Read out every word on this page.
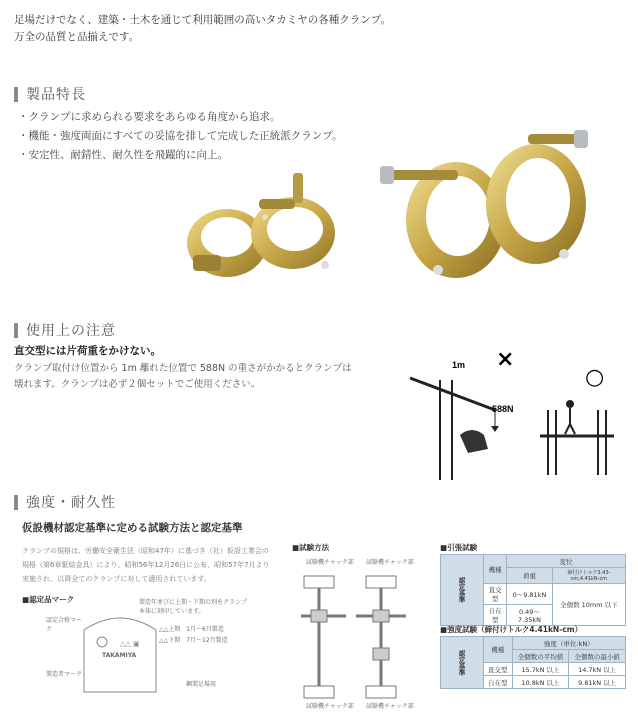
足場だけでなく、建築・土木を通じて利用範囲の高いタカミヤの各種クランプ。
万全の品質と品揃えです。
製品特長
・クランプに求められる要求をあらゆる角度から追求。
・機能・強度両面にすべての妥協を排して完成した正統派クランプ。
・安定性、耐錆性、耐久性を飛躍的に向上。
使用上の注意
直交型には片荷重をかけない。
クランプ取付け位置から 1m 離れた位置で 588N の重さがかかるとクランプは壊れます。クランプは必ず２個セットでご使用ください。
1m
588N
×
○
強度・耐久性
仮設機材認定基準に定める試験方法と認定基準
クランプの規格は、労働安全衛生法（昭和47年）に基づき（社）仮設工業会の規格（第6章緊結金具）により、昭和56年12月26日に公布、昭和57年7月より実施され、以降全てのクランプに対して適用されています。
■認定品マーク
認定合格マーク
製造年並びに上期・下期の別をクランプ本体に刻印しています。
△△上期　1月～6月製造
△△下期　7月～12月製造
製造者マーク
鋼製足場用
△△ ▣
TAKAMIYA
■試験方法
試験機チャック部 試験機チャック部
試験機チャック部 試験機チャック部
■引張試験
認定基準	機種	変位	
		荷重	締付けトルク3.43-cm,4.41kN-cm
	直交型	0～9.81kN	全個数 10mm 以下
	自在型	0.49～7.35kN	
■強度試験（締付けトルク4.41kN-cm）
認定基準	機種	強度（単位:kN）	
		全個数の平均値	全個数の最小値
	直交型	15.7kN 以上	14.7kN 以上
	自在型	10.8kN 以上	9.81kN 以上
